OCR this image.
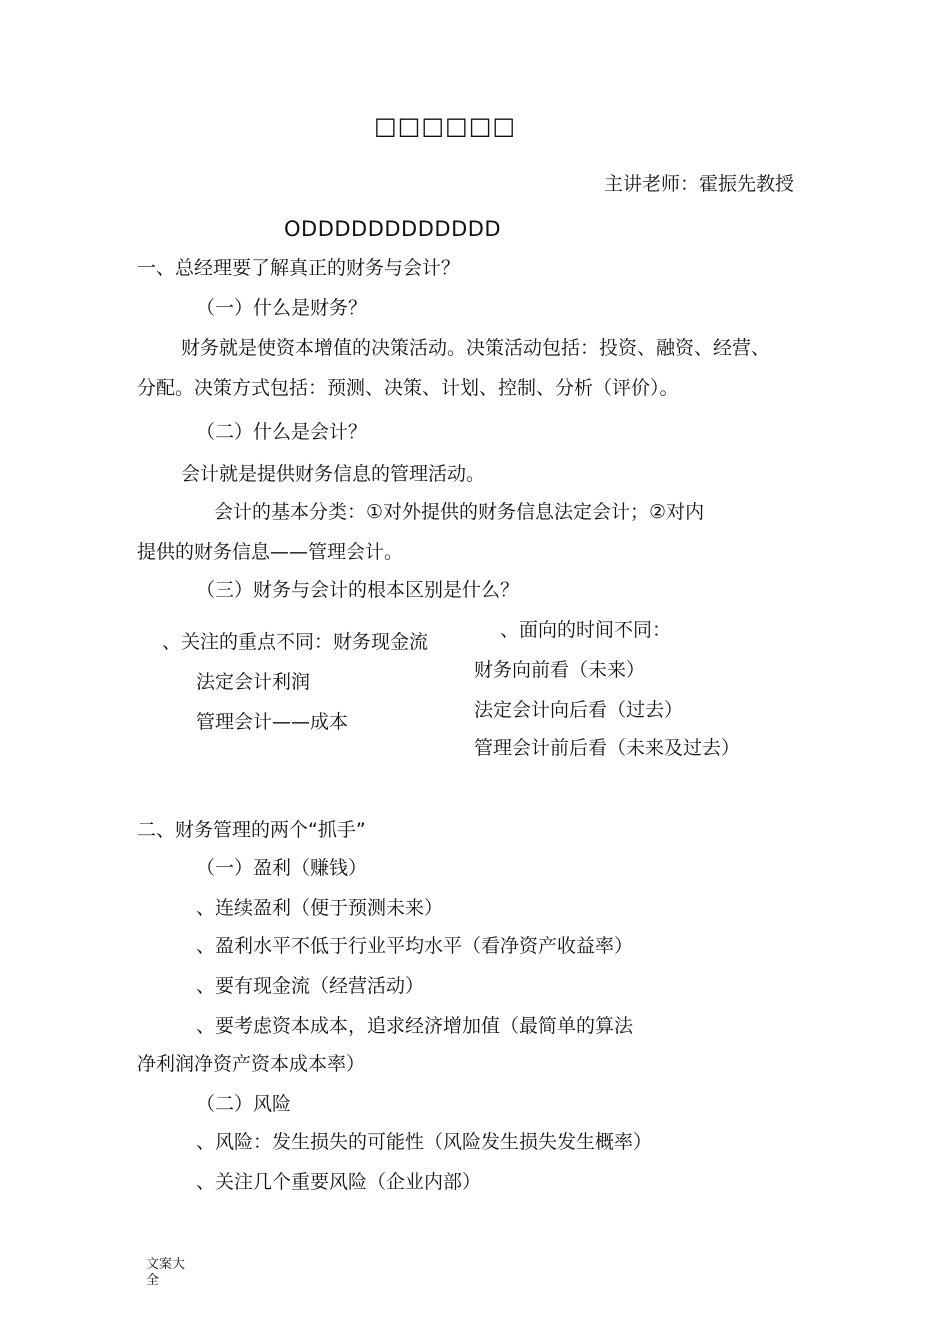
□□□□□□
主讲老师：霍振先教授
ODDDDDDDDDDDD
一、总经理要了解真正的财务与会计？
（一）什么是财务？
财务就是使资本增值的决策活动。决策活动包括：投资、融资、经营、
分配。决策方式包括：预测、决策、计划、控制、分析（评价）。
（二）什么是会计？
会计就是提供财务信息的管理活动。
会计的基本分类：①对外提供的财务信息法定会计；②对内
提供的财务信息——管理会计。
（三）财务与会计的根本区别是什么？
、关注的重点不同：财务现金流
法定会计利润
管理会计——成本
、面向的时间不同：
财务向前看（未来）
法定会计向后看（过去）
管理会计前后看（未来及过去）
二、财务管理的两个“抓手”
（一）盈利（赚钱）
、连续盈利（便于预测未来）
、盈利水平不低于行业平均水平（看净资产收益率）
、要有现金流（经营活动）
、要考虑资本成本，追求经济增加值（最简单的算法
净利润净资产资本成本率）
（二）风险
、风险：发生损失的可能性（风险发生损失发生概率）
、关注几个重要风险（企业内部）
文案大
全
